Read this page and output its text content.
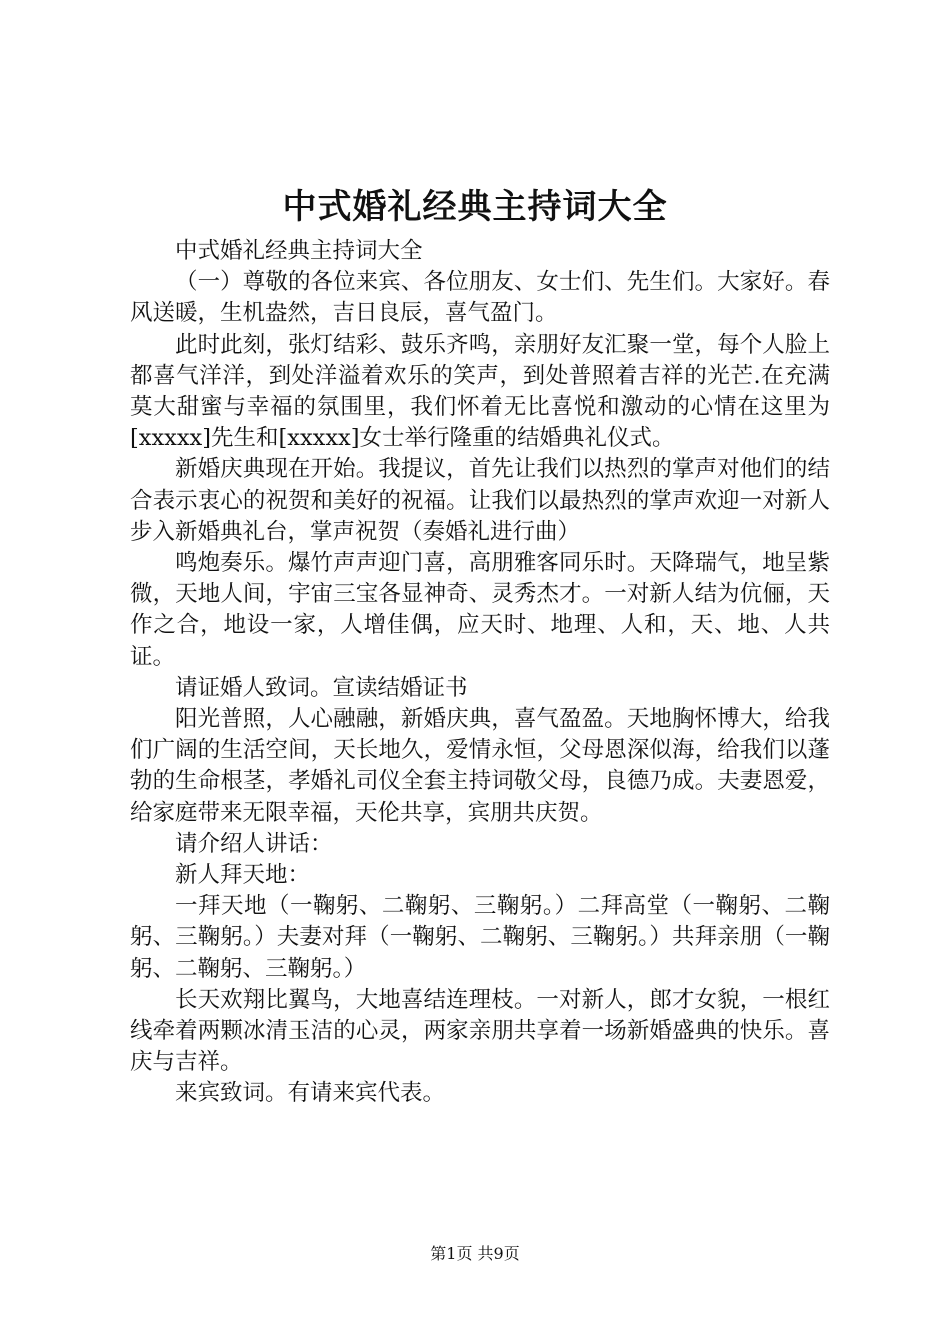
中式婚礼经典主持词大全

中式婚礼经典主持词大全

（一）尊敬的各位来宾、各位朋友、女士们、先生们。大家好。春风送暖，生机盎然，吉日良辰，喜气盈门。

此时此刻，张灯结彩、鼓乐齐鸣，亲朋好友汇聚一堂，每个人脸上都喜气洋洋，到处洋溢着欢乐的笑声，到处普照着吉祥的光芒.在充满莫大甜蜜与幸福的氛围里，我们怀着无比喜悦和激动的心情在这里为[xxxxx]先生和[xxxxx]女士举行隆重的结婚典礼仪式。

新婚庆典现在开始。我提议，首先让我们以热烈的掌声对他们的结合表示衷心的祝贺和美好的祝福。让我们以最热烈的掌声欢迎一对新人步入新婚典礼台，掌声祝贺（奏婚礼进行曲）

鸣炮奏乐。爆竹声声迎门喜，高朋雅客同乐时。天降瑞气，地呈紫微，天地人间，宇宙三宝各显神奇、灵秀杰才。一对新人结为伉俪，天作之合，地设一家，人增佳偶，应天时、地理、人和，天、地、人共证。

请证婚人致词。宣读结婚证书

阳光普照，人心融融，新婚庆典，喜气盈盈。天地胸怀博大，给我们广阔的生活空间，天长地久，爱情永恒，父母恩深似海，给我们以蓬勃的生命根茎，孝婚礼司仪全套主持词敬父母，良德乃成。夫妻恩爱，给家庭带来无限幸福，天伦共享，宾朋共庆贺。

请介绍人讲话：

新人拜天地：

一拜天地（一鞠躬、二鞠躬、三鞠躬。）二拜高堂（一鞠躬、二鞠躬、三鞠躬。）夫妻对拜（一鞠躬、二鞠躬、三鞠躬。）共拜亲朋（一鞠躬、二鞠躬、三鞠躬。）

长天欢翔比翼鸟，大地喜结连理枝。一对新人，郎才女貌，一根红线牵着两颗冰清玉洁的心灵，两家亲朋共享着一场新婚盛典的快乐。喜庆与吉祥。

来宾致词。有请来宾代表。

第1页 共9页
